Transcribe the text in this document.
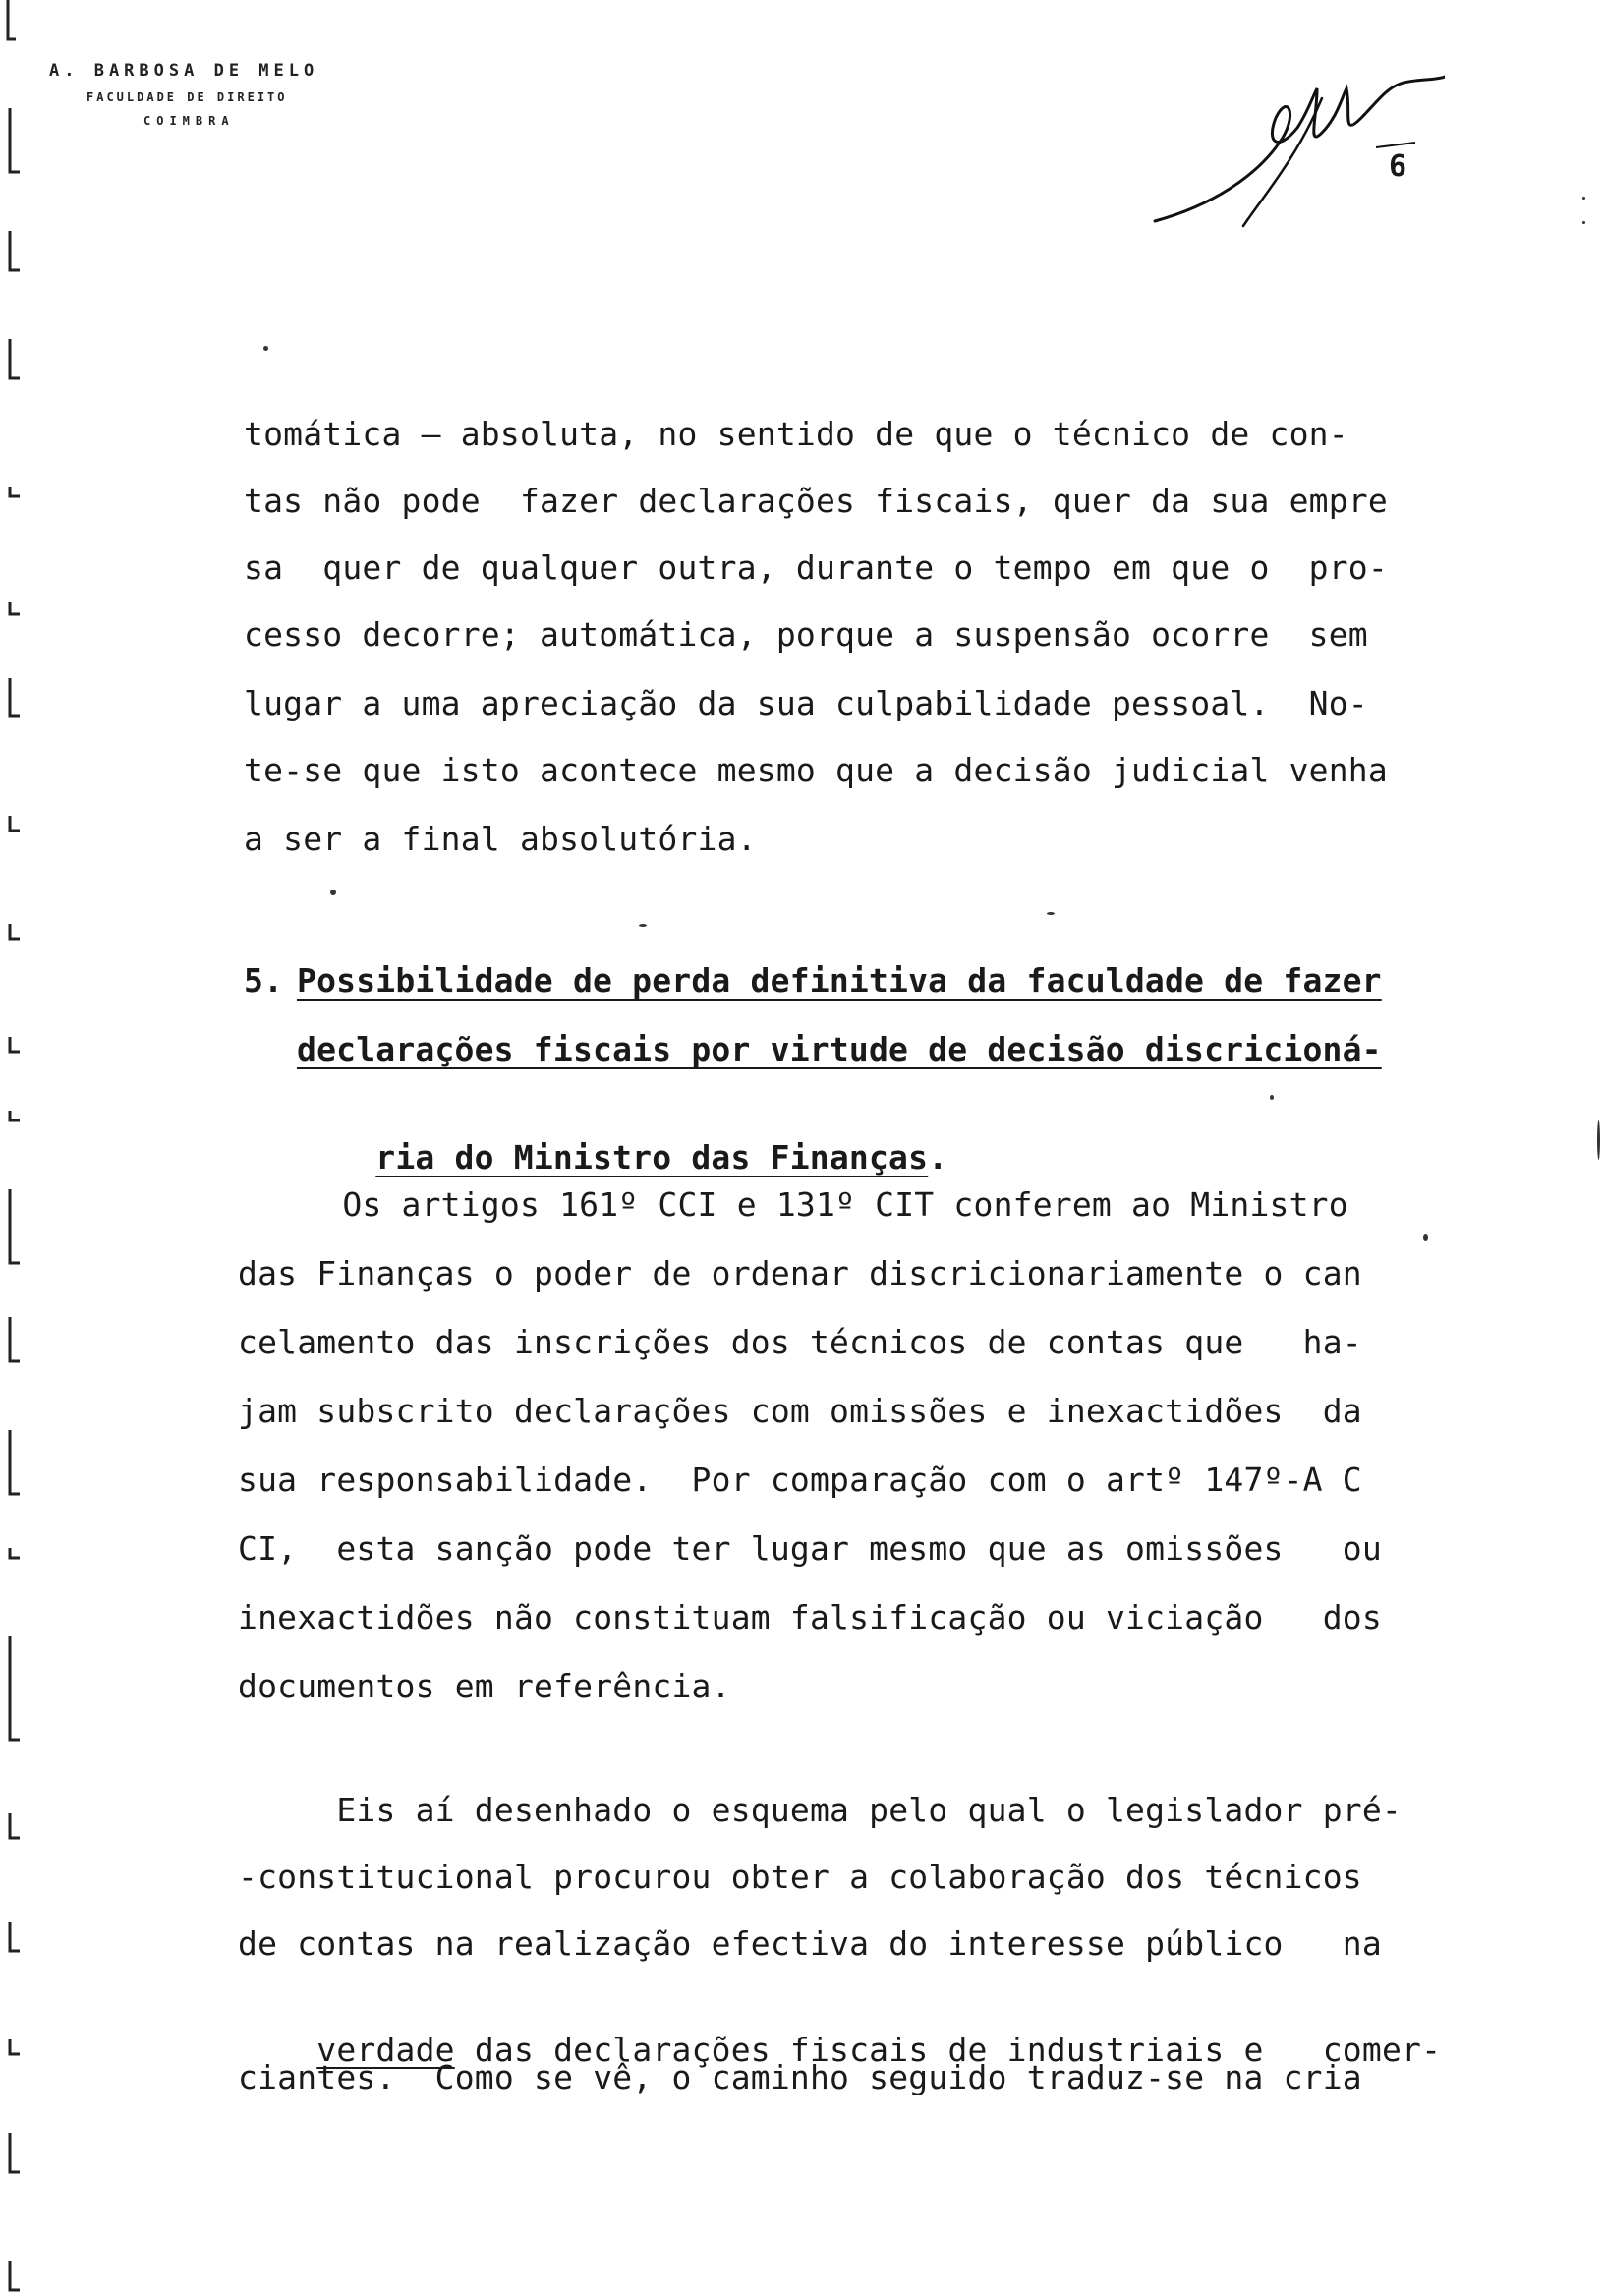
A. BARBOSA DE MELO
FACULDADE DE DIREITO
COIMBRA
6
tomática — absoluta, no sentido de que o técnico de con-
tas não pode  fazer declarações fiscais, quer da sua empre
sa  quer de qualquer outra, durante o tempo em que o  pro-
cesso decorre; automática, porque a suspensão ocorre  sem
lugar a uma apreciação da sua culpabilidade pessoal.  No-
te-se que isto acontece mesmo que a decisão judicial venha
a ser a final absolutória.
5. Possibilidade de perda definitiva da faculdade de fazer
declarações fiscais por virtude de decisão discricioná-

ria do Ministro das Finanças.

Os artigos 161º CCI e 131º CIT conferem ao Ministro
das Finanças o poder de ordenar discricionariamente o can
celamento das inscrições dos técnicos de contas que   ha-
jam subscrito declarações com omissões e inexactidões  da
sua responsabilidade.  Por comparação com o artº 147º-A C
CI,  esta sanção pode ter lugar mesmo que as omissões   ou
inexactidões não constituam falsificação ou viciação   dos
documentos em referência.
Eis aí desenhado o esquema pelo qual o legislador pré-
-constitucional procurou obter a colaboração dos técnicos
de contas na realização efectiva do interesse público   na

verdade das declarações fiscais de industriais e   comer-

ciantes.  Como se vê, o caminho seguido traduz-se na cria
